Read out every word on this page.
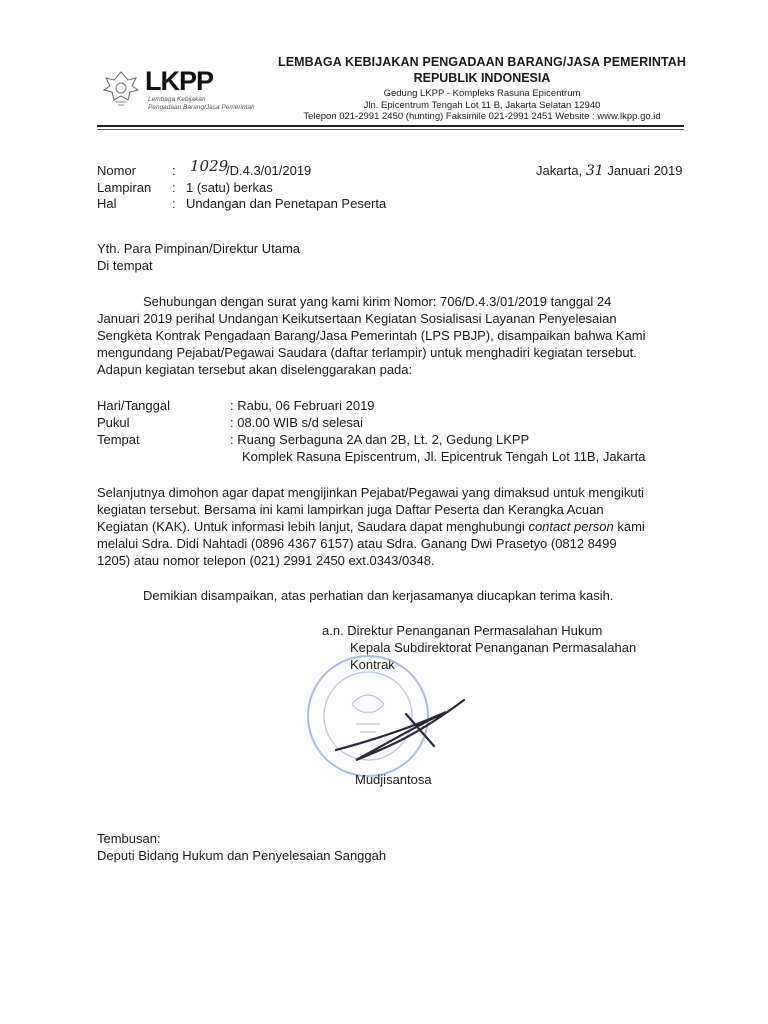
LKPP
Lembaga Kebijakan
Pengadaan Barang/Jasa Pemerintah
LEMBAGA KEBIJAKAN PENGADAAN BARANG/JASA PEMERINTAH
REPUBLIK INDONESIA
Gedung LKPP - Kompleks Rasuna Epicentrum
Jln. Epicentrum Tengah Lot 11 B, Jakarta Selatan 12940
Telepon 021-2991 2450 (hunting) Faksimile 021-2991 2451 Website : www.lkpp.go.id
Nomor	: 1029
/D.4.3/01/2019
Lampiran : 1 (satu) berkas
Hal	: Undangan dan Penetapan Peserta
Jakarta, 31 Januari 2019
Yth. Para Pimpinan/Direktur Utama
Di tempat
Sehubungan dengan surat yang kami kirim Nomor: 706/D.4.3/01/2019 tanggal 24
Januari 2019 perihal Undangan Keikutsertaan Kegiatan Sosialisasi Layanan Penyelesaian
Sengketa Kontrak Pengadaan Barang/Jasa Pemerintah (LPS PBJP), disampaikan bahwa Kami
mengundang Pejabat/Pegawai Saudara (daftar terlampir) untuk menghadiri kegiatan tersebut.
Adapun kegiatan tersebut akan diselenggarakan pada:
Hari/Tanggal	: Rabu, 06 Februari 2019
Pukul	: 08.00 WIB s/d selesai
Tempat	: Ruang Serbaguna 2A dan 2B, Lt. 2, Gedung LKPP
Komplek Rasuna Episcentrum, Jl. Epicentruk Tengah Lot 11B, Jakarta
Selanjutnya dimohon agar dapat mengijinkan Pejabat/Pegawai yang dimaksud untuk mengikuti
kegiatan tersebut. Bersama ini kami lampirkan juga Daftar Peserta dan Kerangka Acuan
Kegiatan (KAK). Untuk informasi lebih lanjut, Saudara dapat menghubungi contact person kami
melalui Sdra. Didi Nahtadi (0896 4367 6157) atau Sdra. Ganang Dwi Prasetyo (0812 8499
1205) atau nomor telepon (021) 2991 2450 ext.0343/0348.
Demikian disampaikan, atas perhatian dan kerjasamanya diucapkan terima kasih.
a.n. Direktur Penanganan Permasalahan Hukum
Kepala Subdirektorat Penanganan Permasalahan
Kontrak
Mudjisantosa
Tembusan:
Deputi Bidang Hukum dan Penyelesaian Sanggah
